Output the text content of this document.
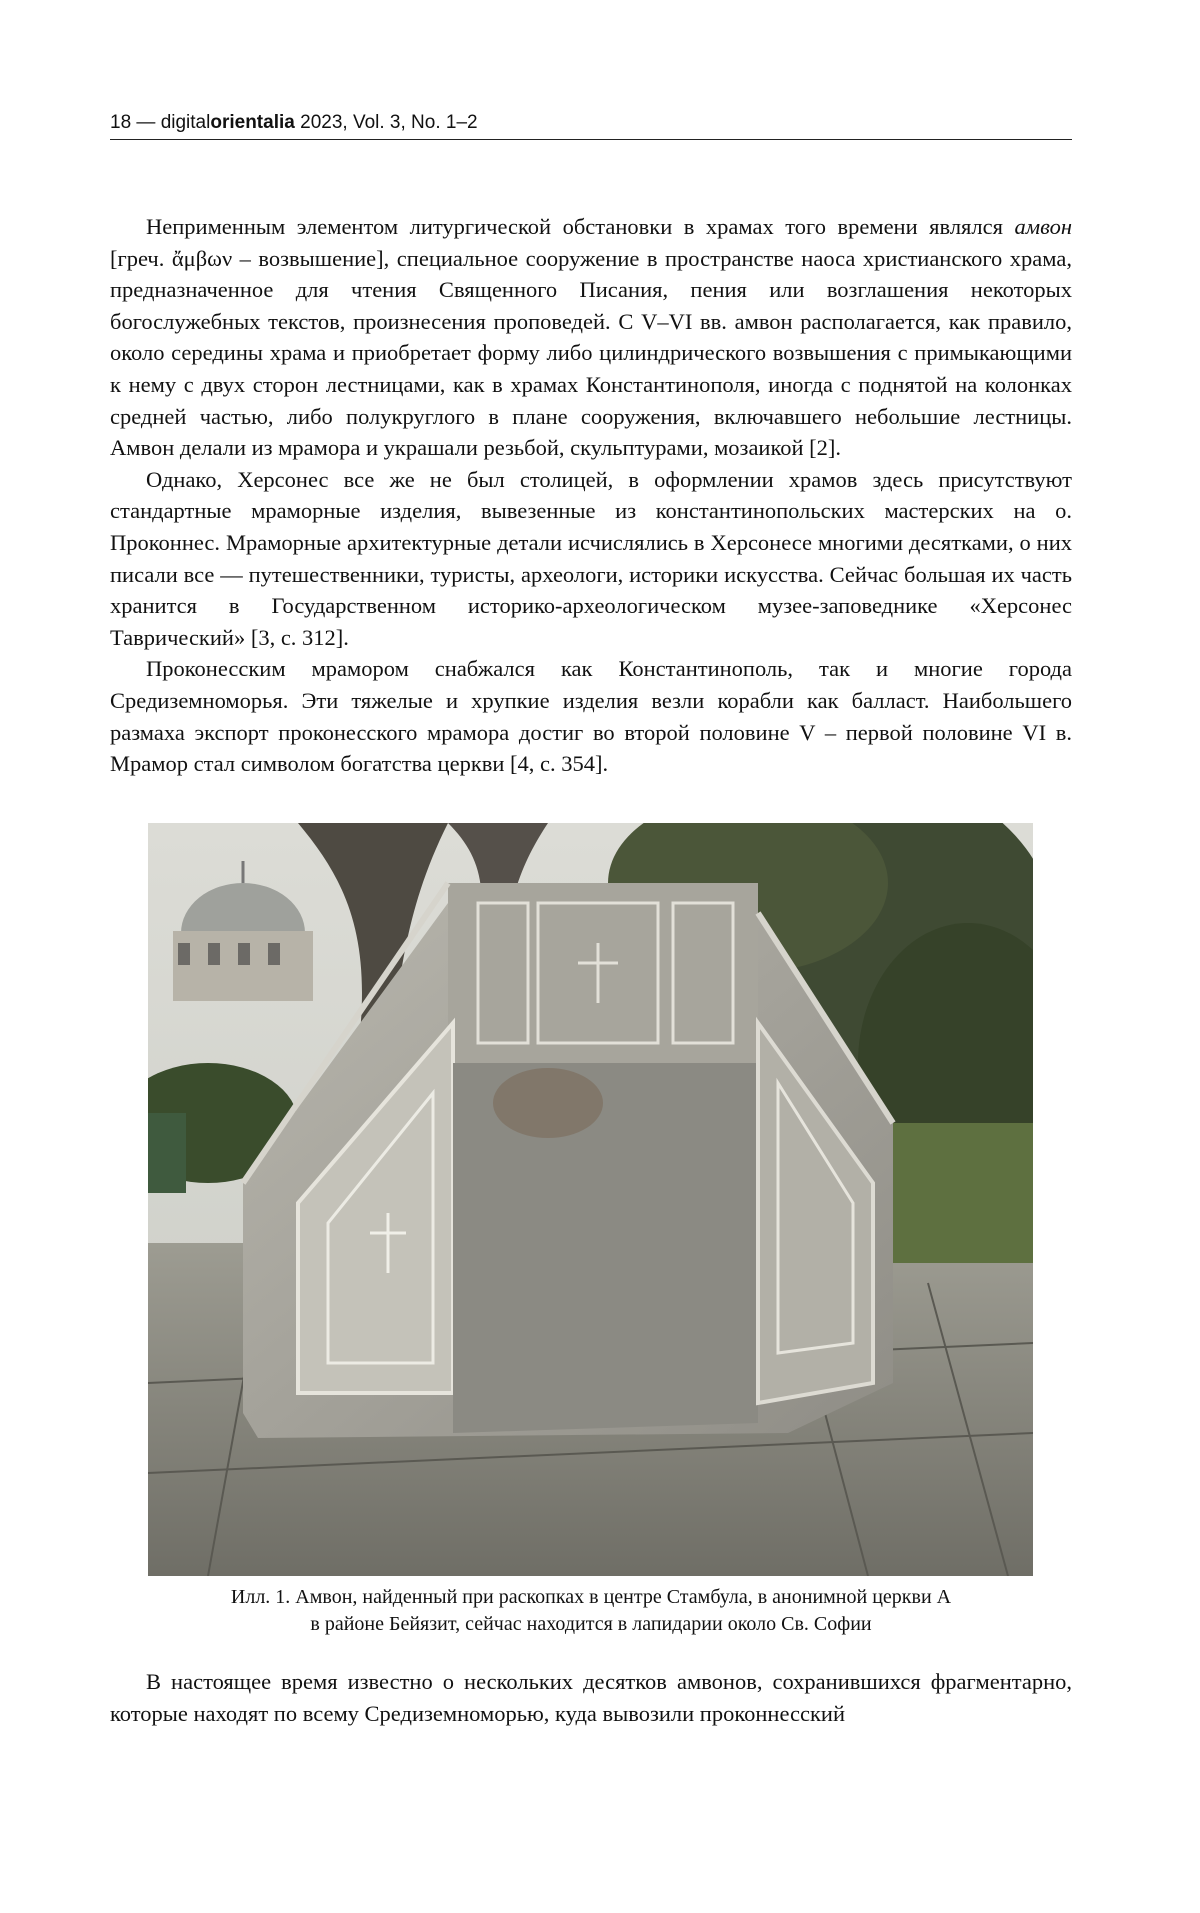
18 — digitalorientalia 2023, Vol. 3, No. 1–2

Неприменным элементом литургической обстановки в храмах того времени являлся амвон [греч. ἄμβων – возвышение], специальное сооружение в пространстве наоса христианского храма, предназначенное для чтения Священного Писания, пения или возглашения некоторых богослужебных текстов, произнесения проповедей. С V–VI вв. амвон располагается, как правило, около середины храма и приобретает форму либо цилиндрического возвышения с примыкающими к нему с двух сторон лестницами, как в храмах Константинополя, иногда с поднятой на колонках средней частью, либо полукруглого в плане сооружения, включавшего небольшие лестницы. Амвон делали из мрамора и украшали резьбой, скульптурами, мозаикой [2].

Однако, Херсонес все же не был столицей, в оформлении храмов здесь присутствуют стандартные мраморные изделия, вывезенные из константинопольских мастерских на о. Проконнес. Мраморные архитектурные детали исчислялись в Херсонесе многими десятками, о них писали все — путешественники, туристы, археологи, историки искусства. Сейчас большая их часть хранится в Государственном историко-археологическом музее-заповеднике «Херсонес Таврический» [3, с. 312].

Проконесским мрамором снабжался как Константинополь, так и многие города Средиземноморья. Эти тяжелые и хрупкие изделия везли корабли как балласт. Наибольшего размаха экспорт проконесского мрамора достиг во второй половине V – первой половине VI в. Мрамор стал символом богатства церкви [4, с. 354].

Илл. 1. Амвон, найденный при раскопках в центре Стамбула, в анонимной церкви А
в районе Бейязит, сейчас находится в лапидарии около Св. Софии

В настоящее время известно о нескольких десятков амвонов, сохранившихся фрагментарно, которые находят по всему Средиземноморью, куда вывозили проконнесский
